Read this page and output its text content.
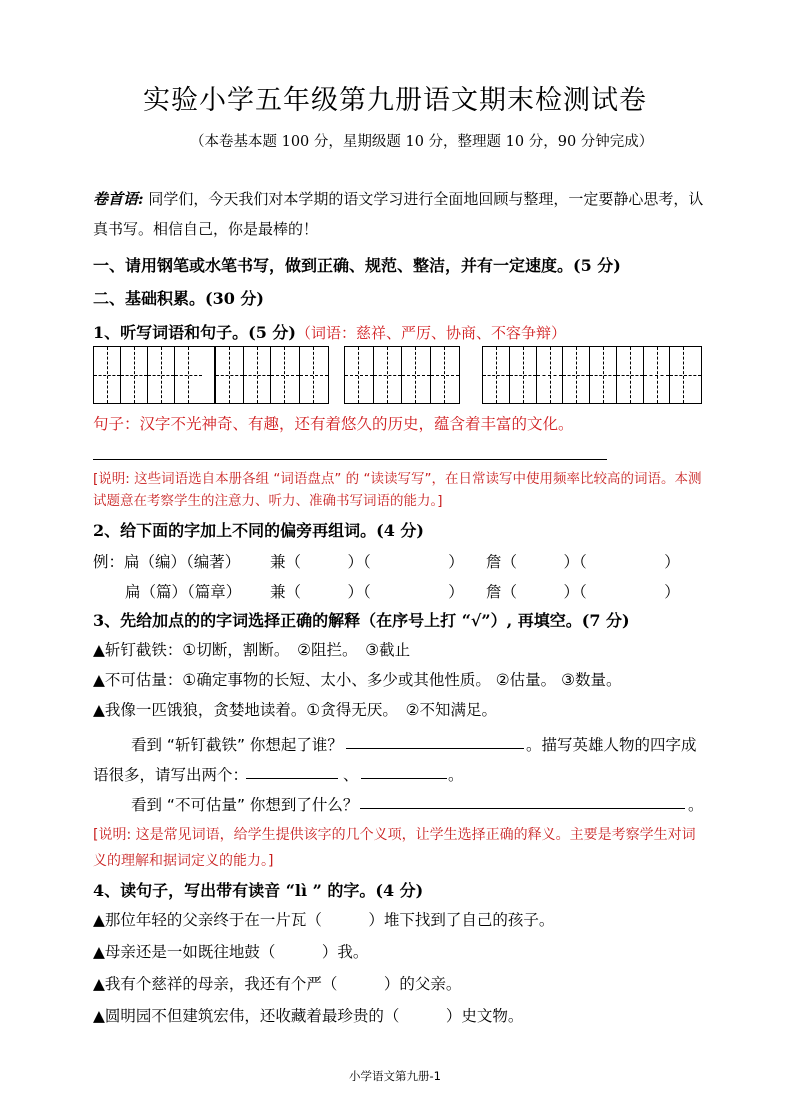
实验小学五年级第九册语文期末检测试卷
（本卷基本题 100 分，星期级题 10 分，整理题 10 分，90 分钟完成）
卷首语: 同学们，今天我们对本学期的语文学习进行全面地回顾与整理，一定要静心思考，认真书写。相信自己，你是最棒的！
一、请用钢笔或水笔书写，做到正确、规范、整洁，并有一定速度。(5 分)
二、基础积累。(30 分)
1、听写词语和句子。(5 分)（词语：慈祥、严厉、协商、不容争辩）
句子：汉字不光神奇、有趣，还有着悠久的历史，蕴含着丰富的文化。
[说明: 这些词语选自本册各组 “词语盘点” 的 “读读写写”，在日常读写中使用频率比较高的词语。本测试题意在考察学生的注意力、听力、准确书写词语的能力。]
2、给下面的字加上不同的偏旁再组词。(4 分)
例：扁（编）（编著） 兼（　　　）（　　　　　） 詹（　　　）（　　　　　）
扁（篇）（篇章） 兼（　　　）（　　　　　） 詹（　　　）（　　　　　）
3、先给加点的的字词选择正确的解释（在序号上打 “√”）, 再填空。(7 分)
▲斩钉截铁：①切断，割断。　②阻拦。　③截止
▲不可估量：①确定事物的长短、太小、多少或其他性质。 ②估量。 ③数量。
▲我像一匹饿狼，贪婪地读着。①贪得无厌。　②不知满足。
看到 “斩钉截铁” 你想起了谁？	。描写英雄人物的四字成
语很多，请写出两个：	、	。
看到 “不可估量” 你想到了什么？	。
[说明: 这是常见词语，给学生提供该字的几个义项，让学生选择正确的释义。主要是考察学生对词义的理解和据词定义的能力。]
4、读句子，写出带有读音 “lì ” 的字。(4 分)
▲那位年轻的父亲终于在一片瓦（　　　）堆下找到了自己的孩子。
▲母亲还是一如既往地鼓（　　　）我。
▲我有个慈祥的母亲，我还有个严（　　　）的父亲。
▲圆明园不但建筑宏伟，还收藏着最珍贵的（　　　）史文物。
小学语文第九册-1
